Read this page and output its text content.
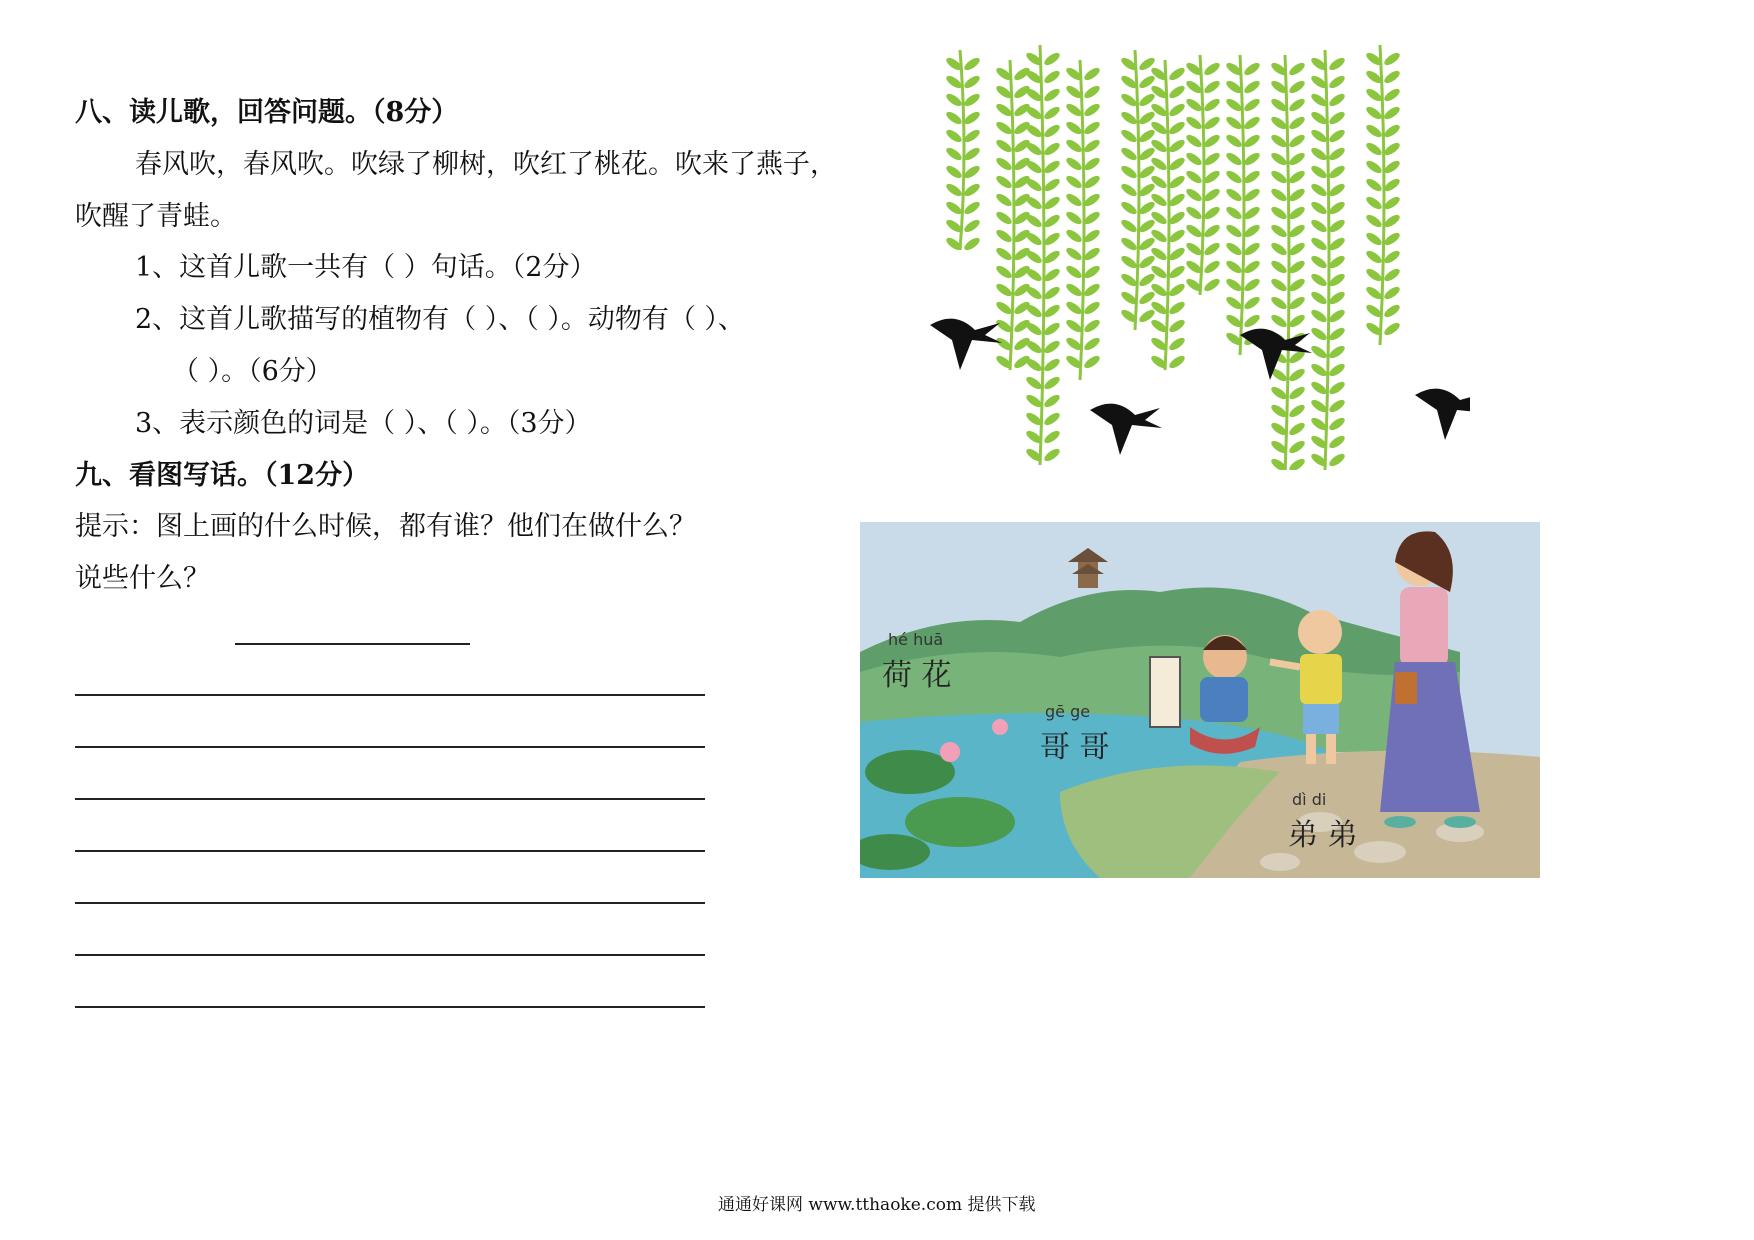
八、读儿歌，回答问题。（8分）
春风吹，春风吹。吹绿了柳树，吹红了桃花。吹来了燕子，
吹醒了青蛙。
1、这首儿歌一共有（ ）句话。（2分）
2、这首儿歌描写的植物有（ ）、（ ）。动物有（ ）、
（ ）。（6分）
3、表示颜色的词是（ ）、（ ）。（3分）
九、看图写话。（12分）
提示：图上画的什么时候，都有谁？他们在做什么？
说些什么？
hé huā
荷 花
gē ge
哥 哥
dì di
弟 弟
通通好课网 www.tthaoke.com 提供下载
